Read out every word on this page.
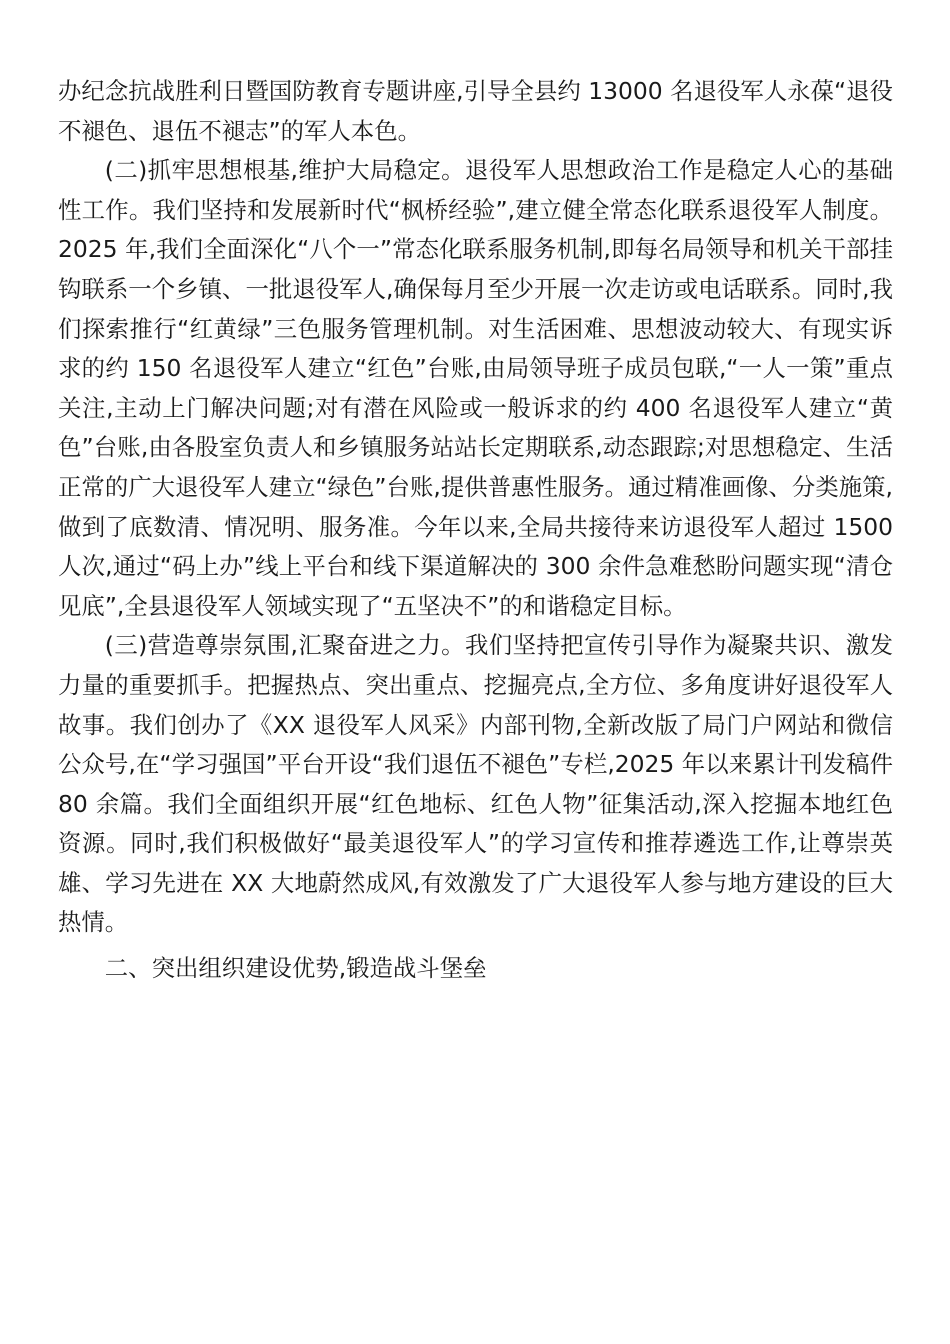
办纪念抗战胜利日暨国防教育专题讲座,引导全县约 13000 名退役军人永葆“退役不褪色、退伍不褪志”的军人本色。

(二)抓牢思想根基,维护大局稳定。退役军人思想政治工作是稳定人心的基础性工作。我们坚持和发展新时代“枫桥经验”,建立健全常态化联系退役军人制度。2025 年,我们全面深化“八个一”常态化联系服务机制,即每名局领导和机关干部挂钩联系一个乡镇、一批退役军人,确保每月至少开展一次走访或电话联系。同时,我们探索推行“红黄绿”三色服务管理机制。对生活困难、思想波动较大、有现实诉求的约 150 名退役军人建立“红色”台账,由局领导班子成员包联,“一人一策”重点关注,主动上门解决问题;对有潜在风险或一般诉求的约 400 名退役军人建立“黄色”台账,由各股室负责人和乡镇服务站站长定期联系,动态跟踪;对思想稳定、生活正常的广大退役军人建立“绿色”台账,提供普惠性服务。通过精准画像、分类施策,做到了底数清、情况明、服务准。今年以来,全局共接待来访退役军人超过 1500 人次,通过“码上办”线上平台和线下渠道解决的 300 余件急难愁盼问题实现“清仓见底”,全县退役军人领域实现了“五坚决不”的和谐稳定目标。

(三)营造尊崇氛围,汇聚奋进之力。我们坚持把宣传引导作为凝聚共识、激发力量的重要抓手。把握热点、突出重点、挖掘亮点,全方位、多角度讲好退役军人故事。我们创办了《XX 退役军人风采》内部刊物,全新改版了局门户网站和微信公众号,在“学习强国”平台开设“我们退伍不褪色”专栏,2025 年以来累计刊发稿件 80 余篇。我们全面组织开展“红色地标、红色人物”征集活动,深入挖掘本地红色资源。同时,我们积极做好“最美退役军人”的学习宣传和推荐遴选工作,让尊崇英雄、学习先进在 XX 大地蔚然成风,有效激发了广大退役军人参与地方建设的巨大热情。

二、突出组织建设优势,锻造战斗堡垒
